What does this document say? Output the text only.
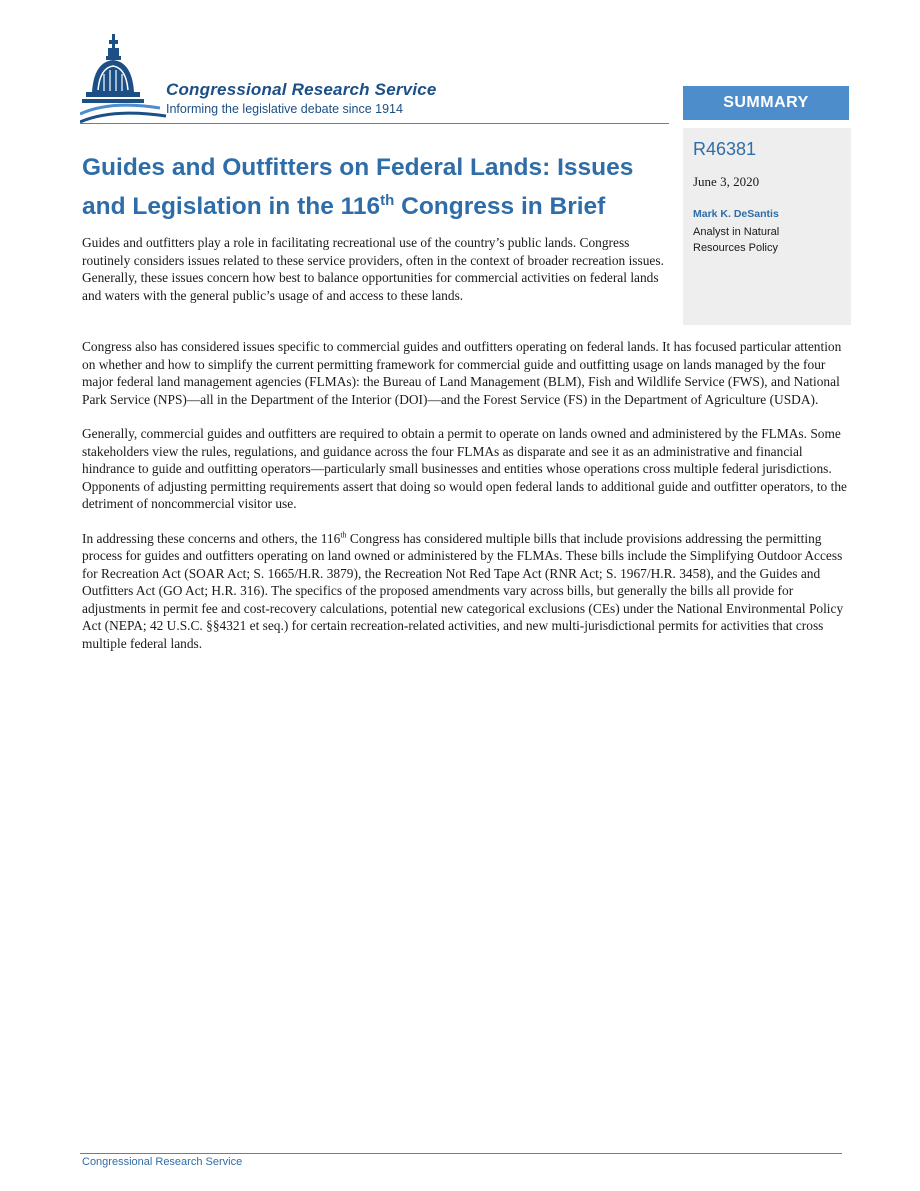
Congressional Research Service

Informing the legislative debate since 1914	SUMMARY

R46381

June 3, 2020

Mark K. DeSantis

Analyst in Natural Resources Policy

Guides and Outfitters on Federal Lands: Issues and Legislation in the 116th Congress in Brief

Guides and outfitters play a role in facilitating recreational use of the country’s public lands. Congress routinely considers issues related to these service providers, often in the context of broader recreation issues. Generally, these issues concern how best to balance opportunities for commercial activities on federal lands and waters with the general public’s usage of and access to these lands.

Congress also has considered issues specific to commercial guides and outfitters operating on federal lands. It has focused particular attention on whether and how to simplify the current permitting framework for commercial guide and outfitting usage on lands managed by the four major federal land management agencies (FLMAs): the Bureau of Land Management (BLM), Fish and Wildlife Service (FWS), and National Park Service (NPS)—all in the Department of the Interior (DOI)—and the Forest Service (FS) in the Department of Agriculture (USDA).

Generally, commercial guides and outfitters are required to obtain a permit to operate on lands owned and administered by the FLMAs. Some stakeholders view the rules, regulations, and guidance across the four FLMAs as disparate and see it as an administrative and financial hindrance to guide and outfitting operators—particularly small businesses and entities whose operations cross multiple federal jurisdictions. Opponents of adjusting permitting requirements assert that doing so would open federal lands to additional guide and outfitter operators, to the detriment of noncommercial visitor use.

In addressing these concerns and others, the 116th Congress has considered multiple bills that include provisions addressing the permitting process for guides and outfitters operating on land owned or administered by the FLMAs. These bills include the Simplifying Outdoor Access for Recreation Act (SOAR Act; S. 1665/H.R. 3879), the Recreation Not Red Tape Act (RNR Act; S. 1967/H.R. 3458), and the Guides and Outfitters Act (GO Act; H.R. 316). The specifics of the proposed amendments vary across bills, but generally the bills all provide for adjustments in permit fee and cost-recovery calculations, potential new categorical exclusions (CEs) under the National Environmental Policy Act (NEPA; 42 U.S.C. §§4321 et seq.) for certain recreation-related activities, and new multi-jurisdictional permits for activities that cross multiple federal lands.

Congressional Research Service
